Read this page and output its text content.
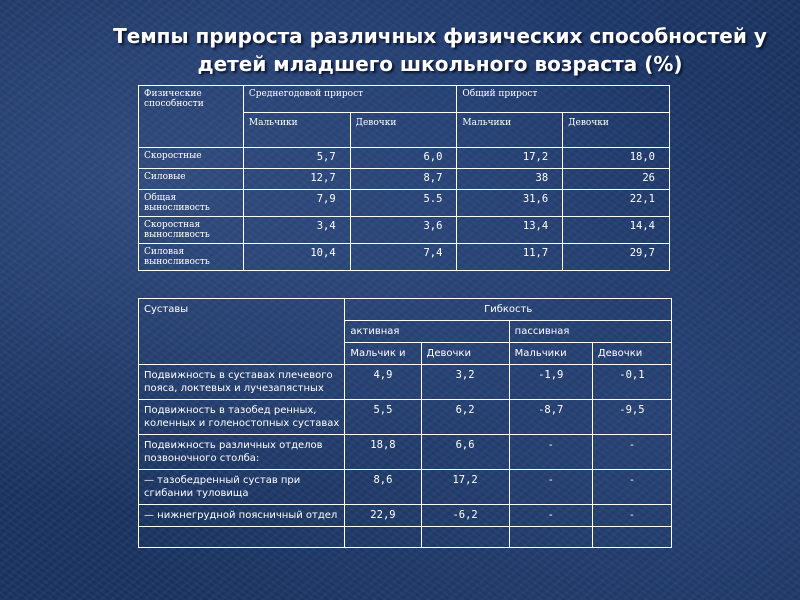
Темпы прироста различных физических способностей у
детей младшего школьного возраста (%)
Физические способности	Среднегодовой прирост		Общий прирост	
	Мальчики	Девочки	Мальчики	Девочки
Скоростные	5,7	6,0	17,2	18,0
Силовые	12,7	8,7	38	26
Общая выносливость	7,9	5.5	31,6	22,1
Скоростная выносливость	3,4	3,6	13,4	14,4
Силовая выносливость	10,4	7,4	11,7	29,7
Суставы	Гибкость			
	активная		пассивная	
	Мальчик и	Девочки	Мальчики	Девочки
Подвижность в суставах плечевого пояса, локтевых и лучезапястных	4,9	3,2	-1,9	-0,1
Подвижность в тазобед ренных, коленных и голеностопных суставах	5,5	6,2	-8,7	-9,5
Подвижность различных отделов позвоночного столба:	18,8	6,6	-	-
— тазобедренный сустав при сгибании туловища	8,6	17,2	-	-
— нижнегрудной поясничный отдел	22,9	-6,2	-	-
